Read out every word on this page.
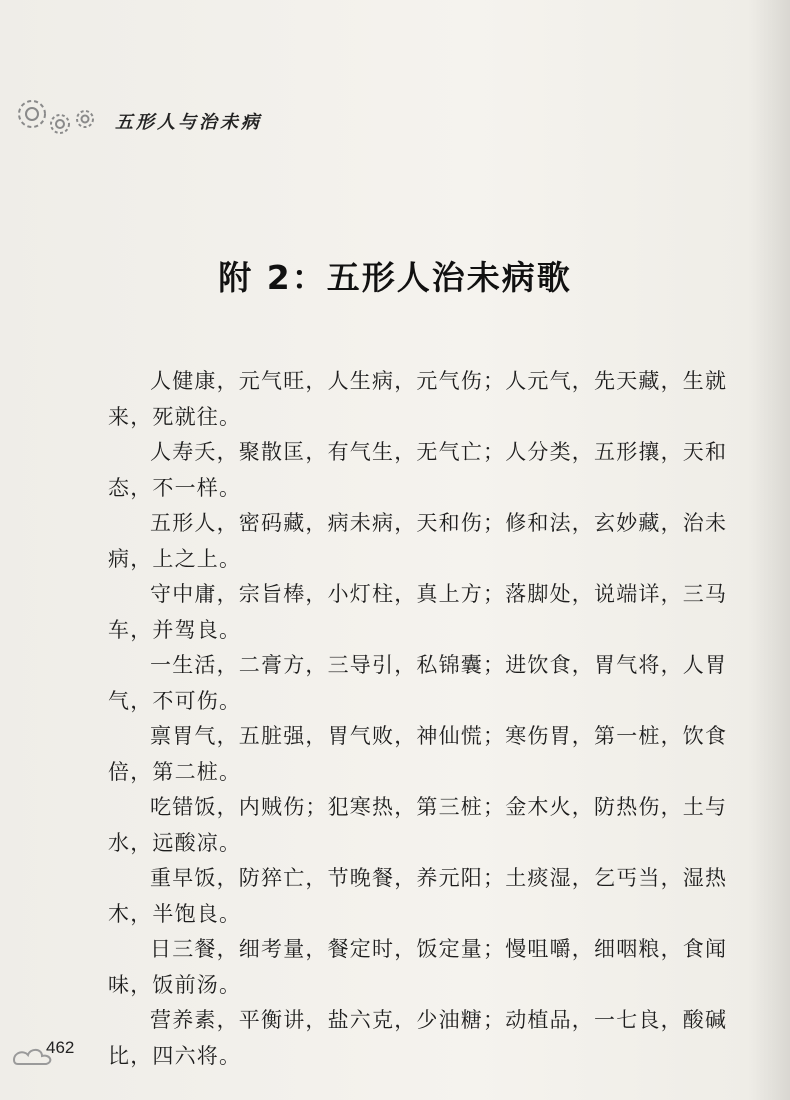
五形人与治未病
附 2：五形人治未病歌

人健康，元气旺，人生病，元气伤；人元气，先天藏，生就来，死就往。

人寿夭，聚散匡，有气生，无气亡；人分类，五形攘，天和态，不一样。

五形人，密码藏，病未病，天和伤；修和法，玄妙藏，治未病，上之上。

守中庸，宗旨棒，小灯柱，真上方；落脚处，说端详，三马车，并驾良。

一生活，二膏方，三导引，私锦囊；进饮食，胃气将，人胃气，不可伤。

禀胃气，五脏强，胃气败，神仙慌；寒伤胃，第一桩，饮食倍，第二桩。

吃错饭，内贼伤；犯寒热，第三桩；金木火，防热伤，土与水，远酸凉。

重早饭，防猝亡，节晚餐，养元阳；土痰湿，乞丐当，湿热木，半饱良。

日三餐，细考量，餐定时，饭定量；慢咀嚼，细咽粮，食闻味，饭前汤。

营养素，平衡讲，盐六克，少油糖；动植品，一七良，酸碱比，四六将。

462
